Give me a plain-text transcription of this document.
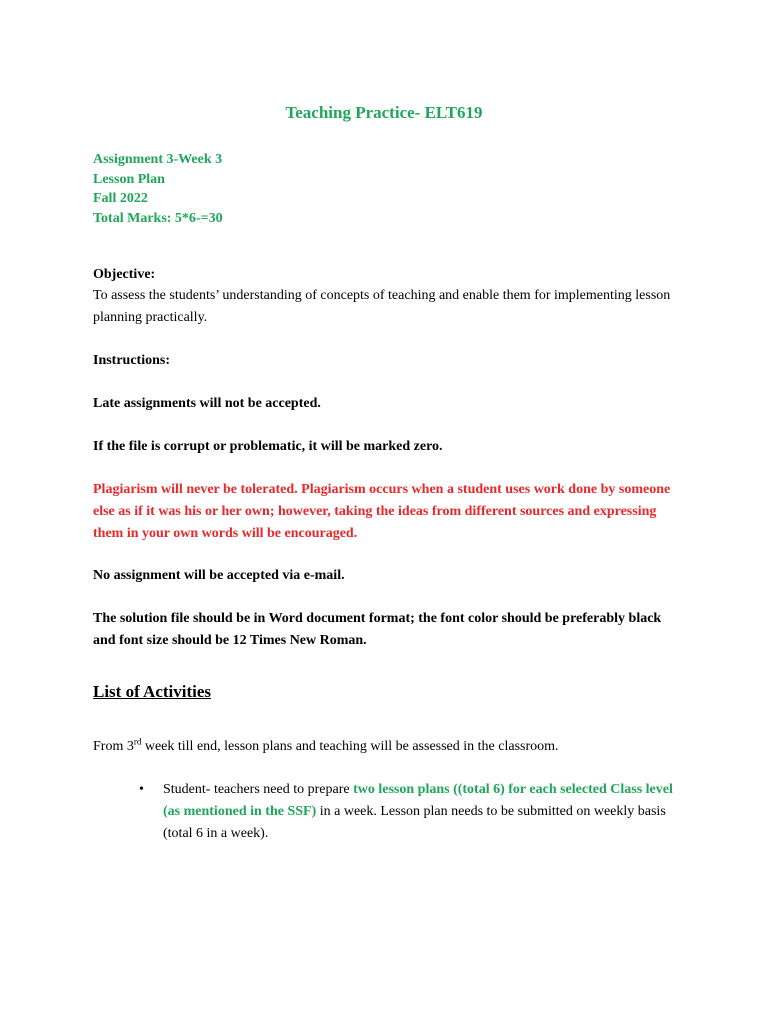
Teaching Practice- ELT619
Assignment 3-Week 3
Lesson Plan
Fall 2022
Total Marks: 5*6-=30
Objective:
To assess the students’ understanding of concepts of teaching and enable them for implementing lesson planning practically.
Instructions:
Late assignments will not be accepted.
If the file is corrupt or problematic, it will be marked zero.
Plagiarism will never be tolerated. Plagiarism occurs when a student uses work done by someone else as if it was his or her own; however, taking the ideas from different sources and expressing them in your own words will be encouraged.
No assignment will be accepted via e-mail.
The solution file should be in Word document format; the font color should be preferably black and font size should be 12 Times New Roman.
List of Activities
From 3rd week till end, lesson plans and teaching will be assessed in the classroom.
• Student- teachers need to prepare two lesson plans ((total 6) for each selected Class level (as mentioned in the SSF) in a week. Lesson plan needs to be submitted on weekly basis (total 6 in a week).
